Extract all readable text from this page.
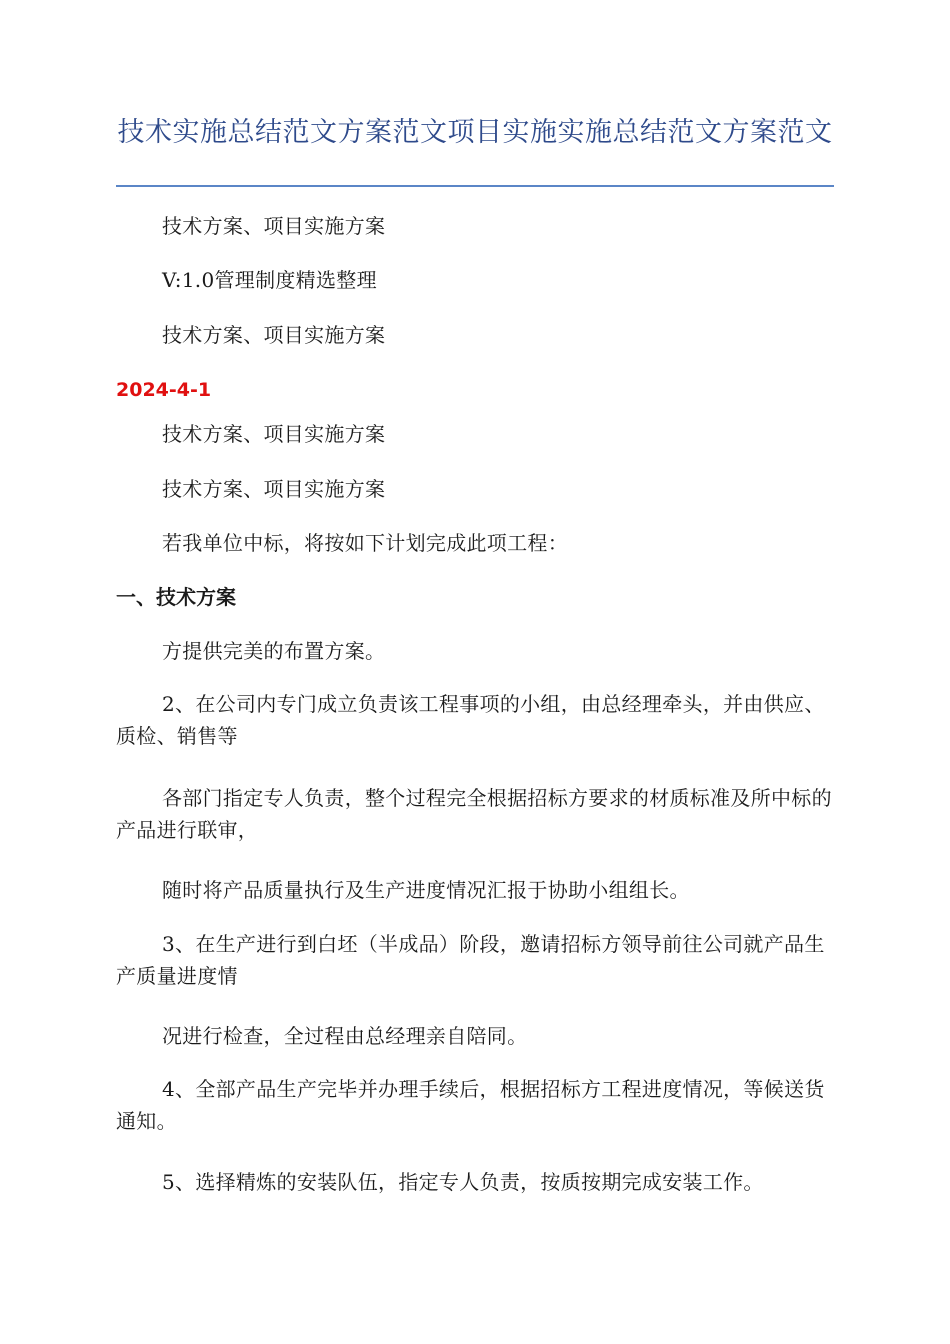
技术实施总结范文方案范文项目实施实施总结范文方案范文
技术方案、项目实施方案
V:1.0管理制度精选整理
技术方案、项目实施方案
2024-4-1
技术方案、项目实施方案
技术方案、项目实施方案
若我单位中标，将按如下计划完成此项工程：
一、技术方案
方提供完美的布置方案。
2、在公司内专门成立负责该工程事项的小组，由总经理牵头，并由供应、质检、销售等
各部门指定专人负责，整个过程完全根据招标方要求的材质标准及所中标的产品进行联审，
随时将产品质量执行及生产进度情况汇报于协助小组组长。
3、在生产进行到白坯（半成品）阶段，邀请招标方领导前往公司就产品生产质量进度情
况进行检查，全过程由总经理亲自陪同。
4、全部产品生产完毕并办理手续后，根据招标方工程进度情况，等候送货通知。
5、选择精炼的安装队伍，指定专人负责，按质按期完成安装工作。
